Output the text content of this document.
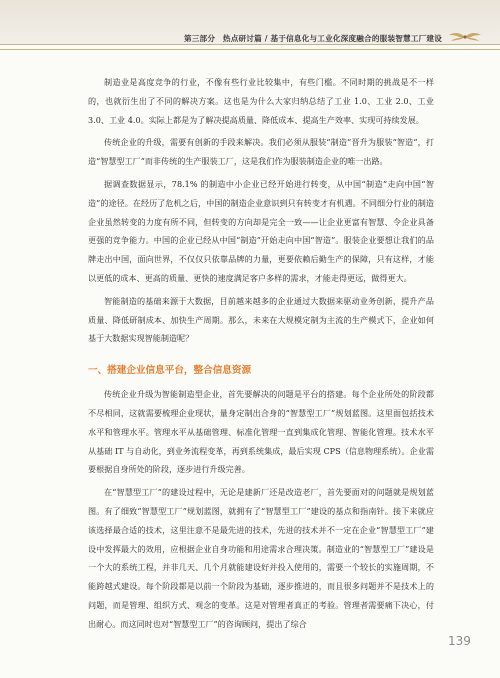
第三部分　热点研讨篇 / 基于信息化与工业化深度融合的服装智慧工厂建设

制造业是高度竞争的行业，不像有些行业比较集中，有些门槛。不同时期的挑战是不一样的，也就衍生出了不同的解决方案。这也是为什么大家归纳总结了工业 1.0、工业 2.0、工业 3.0、工业 4.0。实际上都是为了解决提高质量、降低成本、提高生产效率、实现可持续发展。

传统企业的升级，需要有创新的手段来解决。我们必须从服装“制造”晋升为服装“智造”，打造“智慧型工厂”而非传统的生产服装工厂，这是我们作为服装制造企业的唯一出路。

据调查数据显示，78.1% 的制造中小企业已经开始进行转变，从中国“制造”走向中国“智造”的途径。在经历了危机之后，中国的制造企业意识到只有转变才有机遇。不同细分行业的制造企业虽然转变的力度有所不同，但转变的方向却是完全一致——让企业更富有智慧、令企业具备更强的竞争能力。中国的企业已经从中国“制造”开始走向中国“智造”。服装企业要想让我们的品牌走出中国，面向世界，不仅仅只依靠品牌的力量，更要依赖后勤生产的保障，只有这样，才能以更低的成本、更高的质量、更快的速度满足客户多样的需求，才能走得更远，做得更大。

智能制造的基础来源于大数据，目前越来越多的企业通过大数据来驱动业务创新，提升产品质量、降低研制成本、加快生产周期。那么，未来在大规模定制为主流的生产模式下，企业如何基于大数据实现智能制造呢？

一、搭建企业信息平台，整合信息资源

传统企业升级为智能制造型企业，首先要解决的问题是平台的搭建。每个企业所处的阶段都不尽相同，这就需要梳理企业现状，量身定制出合身的“智慧型工厂”规划蓝图。这里面包括技术水平和管理水平。管理水平从基础管理、标准化管理一直到集成化管理、智能化管理。技术水平从基础 IT 与自动化，到业务流程变革，再到系统集成，最后实现 CPS（信息物理系统）。企业需要根据自身所处的阶段，逐步进行升级完善。

在“智慧型工厂”的建设过程中，无论是建新厂还是改造老厂，首先要面对的问题就是规划蓝图。有了细致“智慧型工厂”规划蓝图，就拥有了“智慧型工厂”建设的基点和指南针。接下来就应该选择最合适的技术，这里注意不是最先进的技术，先进的技术并不一定在企业“智慧型工厂”建设中发挥最大的效用，应根据企业自身功能和用途需求合理决策。制造业的“智慧型工厂”建设是一个大的系统工程，并非几天、几个月就能建设好并投入使用的，需要一个较长的实施周期，不能跨越式建设。每个阶段都是以前一个阶段为基础，逐步推进的，而且很多问题并不是技术上的问题，而是管理、组织方式、观念的变革。这是对管理者真正的考验。管理者需要痛下决心，付出耐心。而这同时也对“智慧型工厂”的咨询顾问，提出了综合

139
